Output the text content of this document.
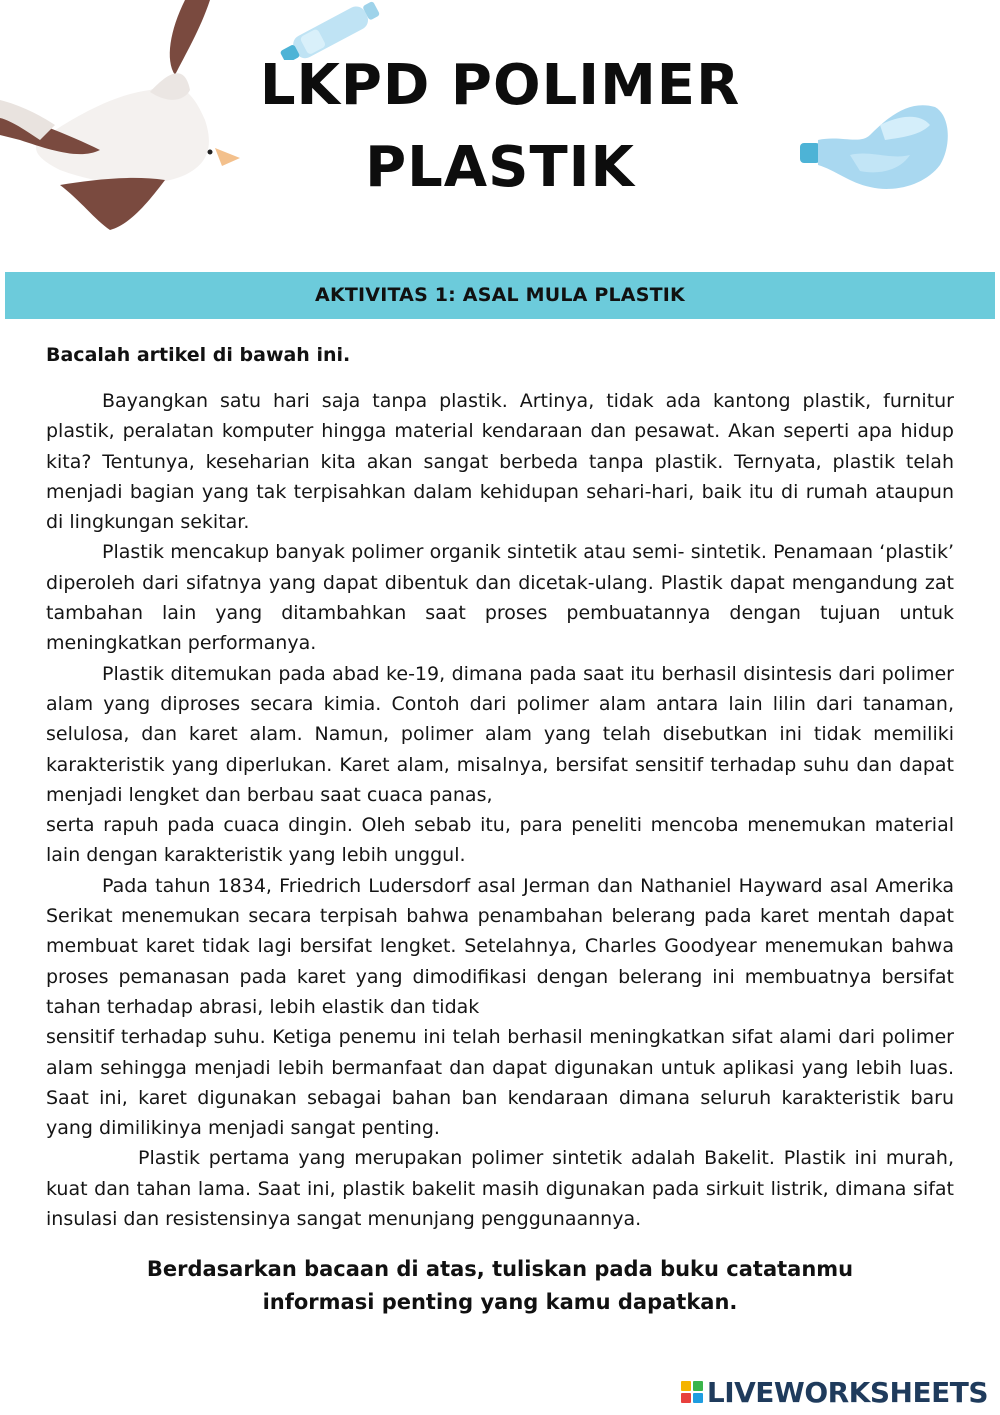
LKPD POLIMER
PLASTIK
AKTIVITAS 1: ASAL MULA PLASTIK
Bacalah artikel di bawah ini.

Bayangkan satu hari saja tanpa plastik. Artinya, tidak ada kantong plastik, furnitur plastik, peralatan komputer hingga material kendaraan dan pesawat. Akan seperti apa hidup kita? Tentunya, keseharian kita akan sangat berbeda tanpa plastik. Ternyata, plastik telah menjadi bagian yang tak terpisahkan dalam kehidupan sehari-hari, baik itu di rumah ataupun di lingkungan sekitar.

Plastik mencakup banyak polimer organik sintetik atau semi- sintetik. Penamaan ‘plastik’ diperoleh dari sifatnya yang dapat dibentuk dan dicetak-ulang. Plastik dapat mengandung zat tambahan lain yang ditambahkan saat proses pembuatannya dengan tujuan untuk meningkatkan performanya.

Plastik ditemukan pada abad ke-19, dimana pada saat itu berhasil disintesis dari polimer alam yang diproses secara kimia. Contoh dari polimer alam antara lain lilin dari tanaman, selulosa, dan karet alam. Namun, polimer alam yang telah disebutkan ini tidak memiliki karakteristik yang diperlukan. Karet alam, misalnya, bersifat sensitif terhadap suhu dan dapat menjadi lengket dan berbau saat cuaca panas,

serta rapuh pada cuaca dingin. Oleh sebab itu, para peneliti mencoba menemukan material lain dengan karakteristik yang lebih unggul.

Pada tahun 1834, Friedrich Ludersdorf asal Jerman dan Nathaniel Hayward asal Amerika Serikat menemukan secara terpisah bahwa penambahan belerang pada karet mentah dapat membuat karet tidak lagi bersifat lengket. Setelahnya, Charles Goodyear menemukan bahwa proses pemanasan pada karet yang dimodifikasi dengan belerang ini membuatnya bersifat tahan terhadap abrasi, lebih elastik dan tidak

sensitif terhadap suhu. Ketiga penemu ini telah berhasil meningkatkan sifat alami dari polimer alam sehingga menjadi lebih bermanfaat dan dapat digunakan untuk aplikasi yang lebih luas. Saat ini, karet digunakan sebagai bahan ban kendaraan dimana seluruh karakteristik baru yang dimilikinya menjadi sangat penting.

Plastik pertama yang merupakan polimer sintetik adalah Bakelit. Plastik ini murah, kuat dan tahan lama. Saat ini, plastik bakelit masih digunakan pada sirkuit listrik, dimana sifat insulasi dan resistensinya sangat menunjang penggunaannya.

Berdasarkan bacaan di atas, tuliskan pada buku catatanmu
informasi penting yang kamu dapatkan.
LIVEWORKSHEETS
